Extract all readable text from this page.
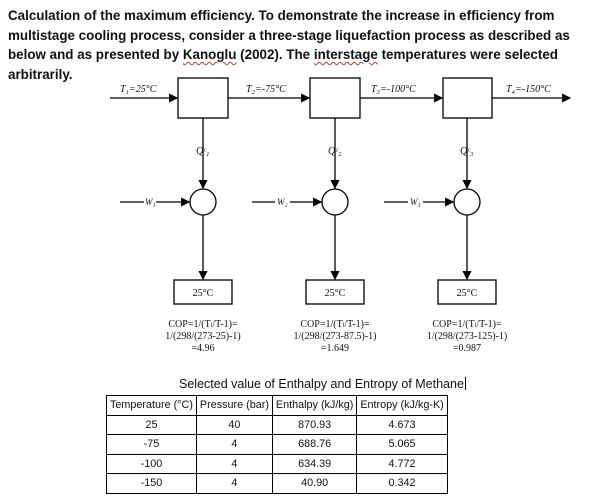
Calculation of the maximum efficiency. To demonstrate the increase in efficiency from multistage cooling process, consider a three-stage liquefaction process as described as below and as presented by Kanoglu (2002). The interstage temperatures were selected arbitrarily.
T₁=25°C	T₂=-75°C	T₃=-100°C	T₄=-150°C
Qᶜ₁	Qᶜ₂	Qᶜ₃
W₁	W₂	W₃
25°C	25°C	25°C
COP=1/(Tₗ/T-1)=
1/(298/(273-25)-1)
=4.96
COP=1/(Tₗ/T-1)=
1/(298/(273-87.5)-1)
=1.649
COP=1/(Tₗ/T-1)=
1/(298/(273-125)-1)
=0.987
Selected value of Enthalpy and Entropy of Methane
Temperature (°C)	Pressure (bar)	Enthalpy (kJ/kg)	Entropy (kJ/kg-K)
25	40	870.93	4.673
-75	4	688.76	5.065
-100	4	634.39	4.772
-150	4	40.90	0.342
